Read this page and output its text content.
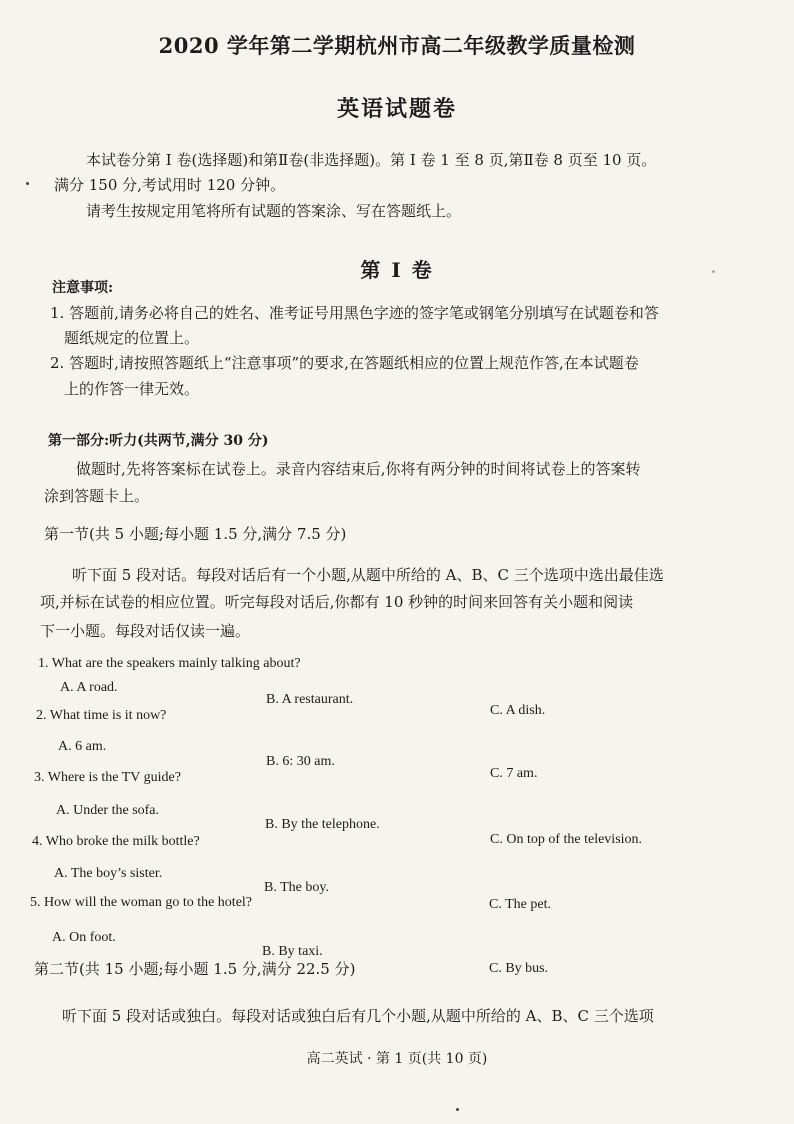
2020 学年第二学期杭州市高二年级教学质量检测
英语试题卷
本试卷分第 I 卷(选择题)和第Ⅱ卷(非选择题)。第 I 卷 1 至 8 页,第Ⅱ卷 8 页至 10 页。
满分 150 分,考试用时 120 分钟。
请考生按规定用笔将所有试题的答案涂、写在答题纸上。
第 I 卷
注意事项:
1. 答题前,请务必将自己的姓名、准考证号用黑色字迹的签字笔或钢笔分别填写在试题卷和答
题纸规定的位置上。
2. 答题时,请按照答题纸上“注意事项”的要求,在答题纸相应的位置上规范作答,在本试题卷
上的作答一律无效。
第一部分:听力(共两节,满分 30 分)
做题时,先将答案标在试卷上。录音内容结束后,你将有两分钟的时间将试卷上的答案转
涂到答题卡上。
第一节(共 5 小题;每小题 1.5 分,满分 7.5 分)
听下面 5 段对话。每段对话后有一个小题,从题中所给的 A、B、C 三个选项中选出最佳选
项,并标在试卷的相应位置。听完每段对话后,你都有 10 秒钟的时间来回答有关小题和阅读
下一小题。每段对话仅读一遍。
1. What are the speakers mainly talking about?
A. A road.
B. A restaurant.
C. A dish.
2. What time is it now?
A. 6 am.
B. 6: 30 am.
C. 7 am.
3. Where is the TV guide?
A. Under the sofa.
B. By the telephone.
C. On top of the television.
4. Who broke the milk bottle?
A. The boy’s sister.
B. The boy.
C. The pet.
5. How will the woman go to the hotel?
A. On foot.
B. By taxi.
C. By bus.
第二节(共 15 小题;每小题 1.5 分,满分 22.5 分)
听下面 5 段对话或独白。每段对话或独白后有几个小题,从题中所给的 A、B、C 三个选项
高二英试 · 第 1 页(共 10 页)
